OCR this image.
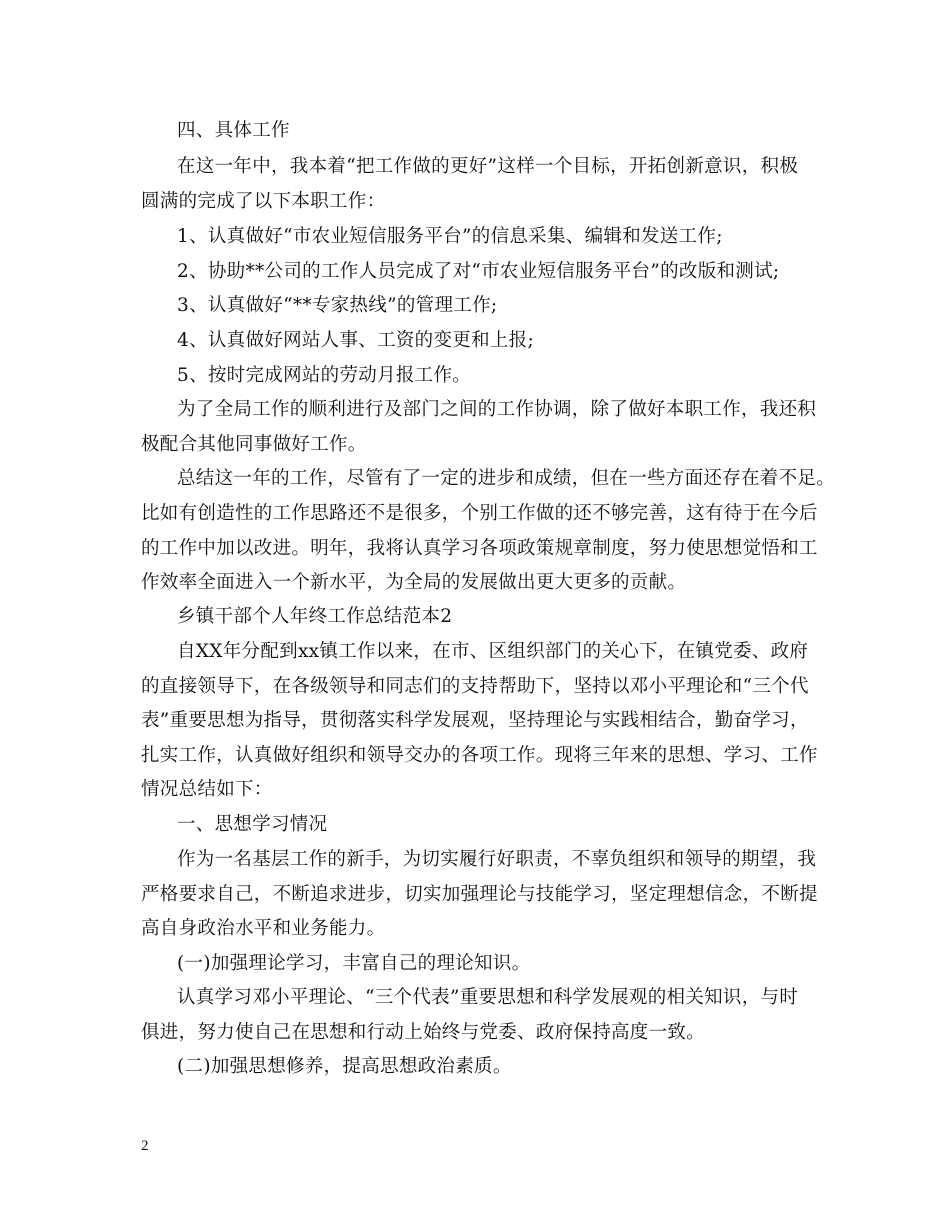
四、具体工作
在这一年中，我本着“把工作做的更好”这样一个目标，开拓创新意识，积极
圆满的完成了以下本职工作：
1、认真做好“市农业短信服务平台”的信息采集、编辑和发送工作;
2、协助**公司的工作人员完成了对“市农业短信服务平台”的改版和测试;
3、认真做好“**专家热线”的管理工作;
4、认真做好网站人事、工资的变更和上报;
5、按时完成网站的劳动月报工作。
为了全局工作的顺利进行及部门之间的工作协调，除了做好本职工作，我还积
极配合其他同事做好工作。
总结这一年的工作，尽管有了一定的进步和成绩，但在一些方面还存在着不足。
比如有创造性的工作思路还不是很多，个别工作做的还不够完善，这有待于在今后
的工作中加以改进。明年，我将认真学习各项政策规章制度，努力使思想觉悟和工
作效率全面进入一个新水平，为全局的发展做出更大更多的贡献。
乡镇干部个人年终工作总结范本2
自XX年分配到xx镇工作以来，在市、区组织部门的关心下，在镇党委、政府
的直接领导下，在各级领导和同志们的支持帮助下，坚持以邓小平理论和“三个代
表”重要思想为指导，贯彻落实科学发展观，坚持理论与实践相结合，勤奋学习，
扎实工作，认真做好组织和领导交办的各项工作。现将三年来的思想、学习、工作
情况总结如下：
一、思想学习情况
作为一名基层工作的新手，为切实履行好职责，不辜负组织和领导的期望，我
严格要求自己，不断追求进步，切实加强理论与技能学习，坚定理想信念，不断提
高自身政治水平和业务能力。
(一)加强理论学习，丰富自己的理论知识。
认真学习邓小平理论、“三个代表”重要思想和科学发展观的相关知识，与时
俱进，努力使自己在思想和行动上始终与党委、政府保持高度一致。
(二)加强思想修养，提高思想政治素质。
2
